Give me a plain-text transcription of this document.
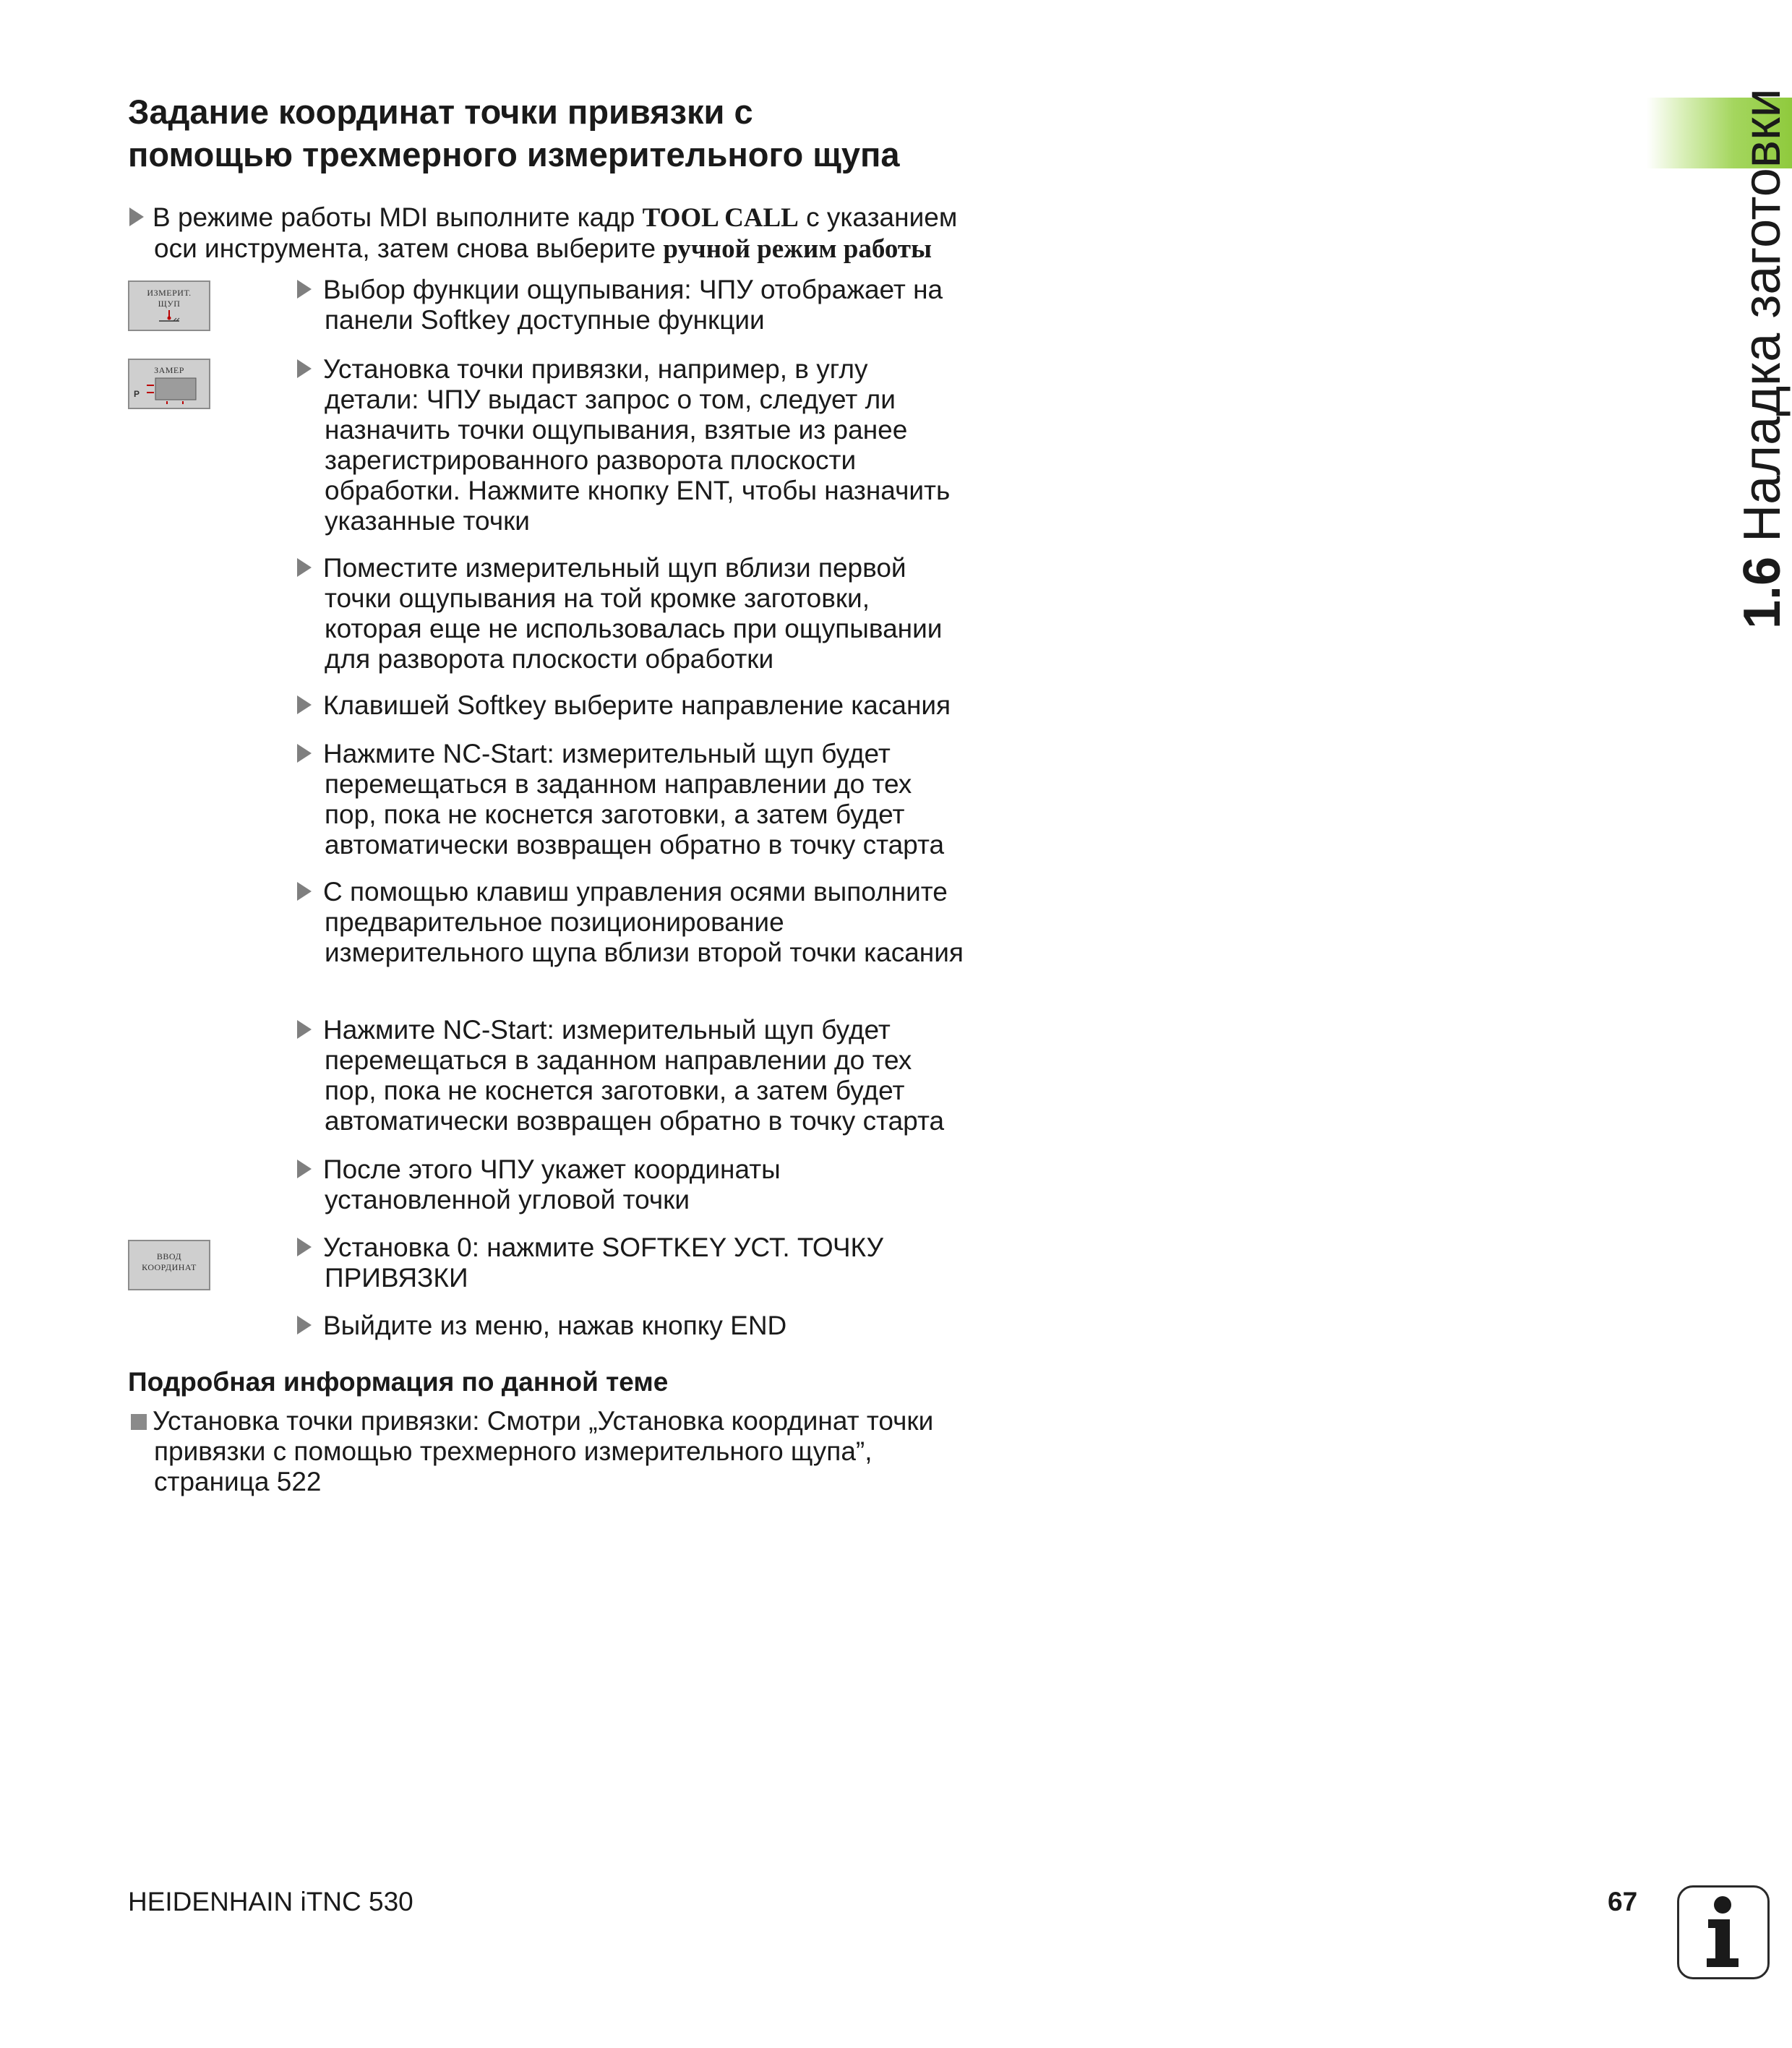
Задание координат точки привязки с
помощью трехмерного измерительного щупа
В режиме работы MDI выполните кадр TOOL CALL с указанием оси инструмента, затем снова выберите ручной режим работы
ИЗМЕРИТ.
ЩУП
ЗАМЕР
P
ВВОД
КООРДИНАТ
Выбор функции ощупывания: ЧПУ отображает на панели Softkey доступные функции
Установка точки привязки, например, в углу детали: ЧПУ выдаст запрос о том, следует ли назначить точки ощупывания, взятые из ранее зарегистрированного разворота плоскости обработки. Нажмите кнопку ENT, чтобы назначить указанные точки
Поместите измерительный щуп вблизи первой точки ощупывания на той кромке заготовки, которая еще не использовалась при ощупывании для разворота плоскости обработки
Клавишей Softkey выберите направление касания
Нажмите NC-Start: измерительный щуп будет перемещаться в заданном направлении до тех пор, пока не коснется заготовки, а затем будет автоматически возвращен обратно в точку старта
С помощью клавиш управления осями выполните предварительное позиционирование измерительного щупа вблизи второй точки касания
Нажмите NC-Start: измерительный щуп будет перемещаться в заданном направлении до тех пор, пока не коснется заготовки, а затем будет автоматически возвращен обратно в точку старта
После этого ЧПУ укажет координаты установленной угловой точки
Установка 0: нажмите SOFTKEY УСТ. ТОЧКУ ПРИВЯЗКИ
Выйдите из меню, нажав кнопку END
Подробная информация по данной теме
Установка точки привязки: Смотри „Установка координат точки привязки с помощью трехмерного измерительного щупа”, страница 522
1.6 Наладка заготовки
HEIDENHAIN iTNC 530	67
